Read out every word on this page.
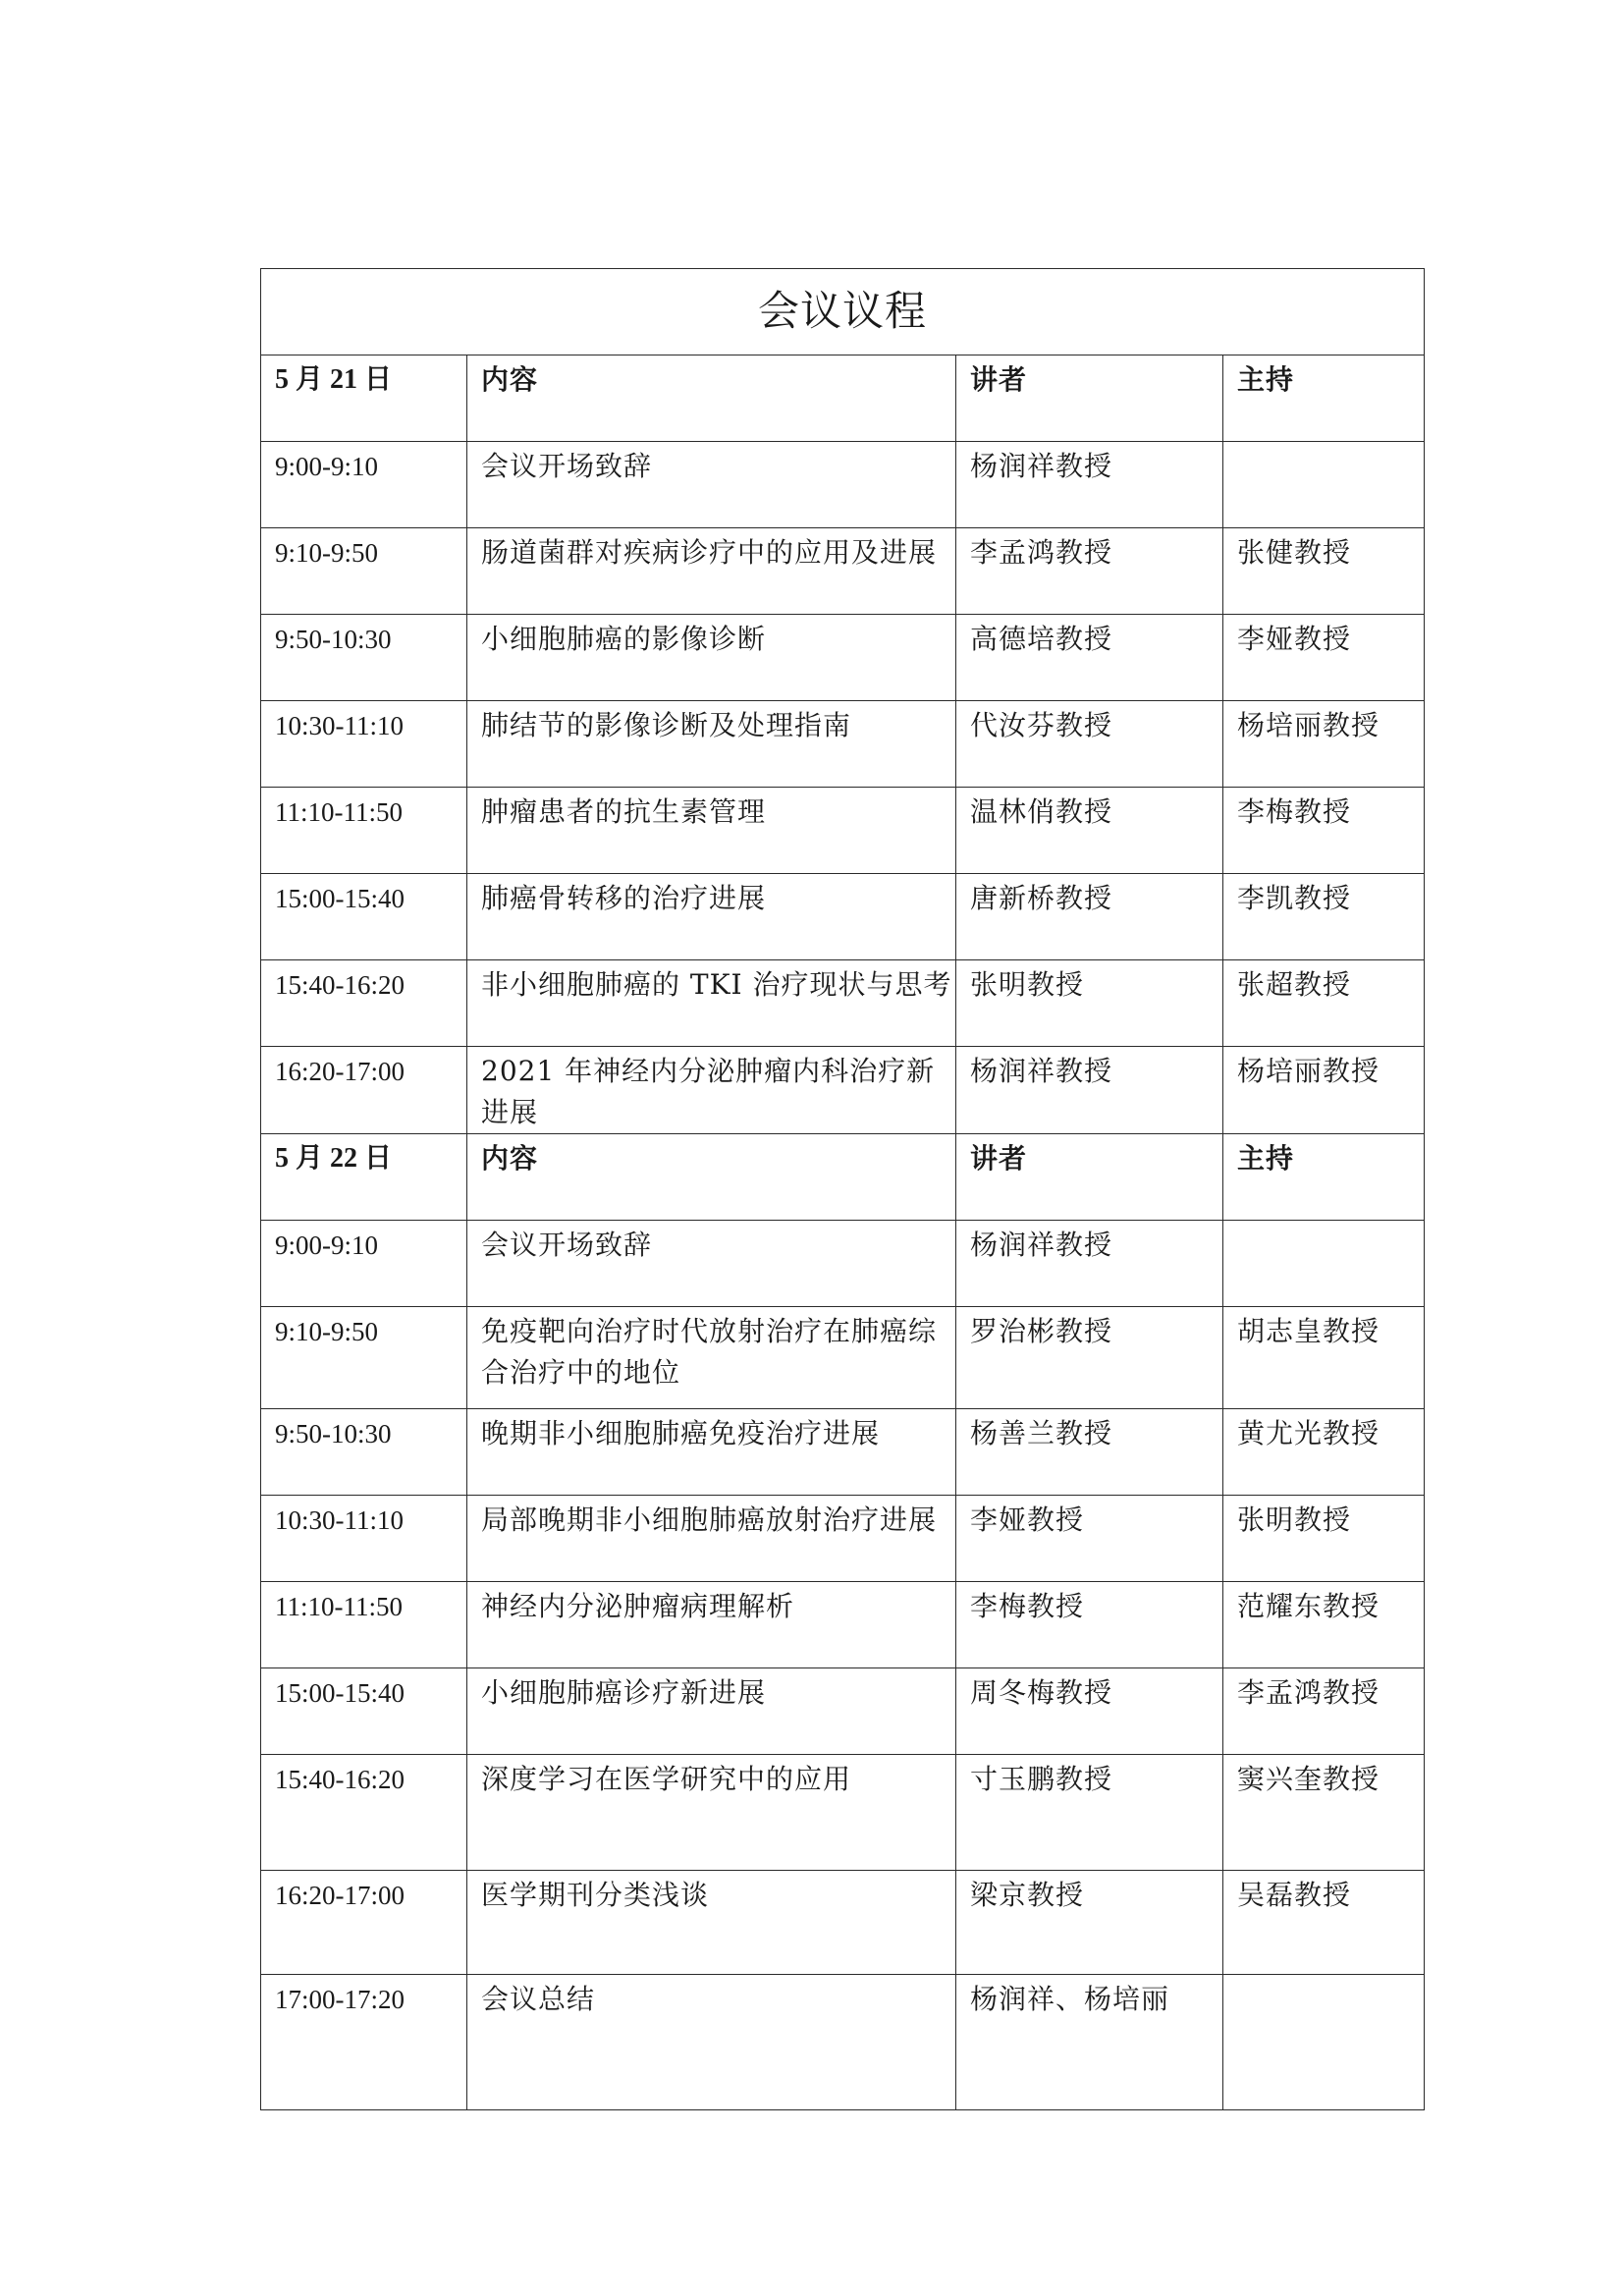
会议议程			
5 月 21 日	内容	讲者	主持
9:00-9:10	会议开场致辞	杨润祥教授	
9:10-9:50	肠道菌群对疾病诊疗中的应用及进展	李孟鸿教授	张健教授
9:50-10:30	小细胞肺癌的影像诊断	高德培教授	李娅教授
10:30-11:10	肺结节的影像诊断及处理指南	代汝芬教授	杨培丽教授
11:10-11:50	肿瘤患者的抗生素管理	温林俏教授	李梅教授
15:00-15:40	肺癌骨转移的治疗进展	唐新桥教授	李凯教授
15:40-16:20	非小细胞肺癌的 TKI 治疗现状与思考	张明教授	张超教授
16:20-17:00	2021 年神经内分泌肿瘤内科治疗新进展	杨润祥教授	杨培丽教授
5 月 22 日	内容	讲者	主持
9:00-9:10	会议开场致辞	杨润祥教授	
9:10-9:50	免疫靶向治疗时代放射治疗在肺癌综合治疗中的地位	罗治彬教授	胡志皇教授
9:50-10:30	晚期非小细胞肺癌免疫治疗进展	杨善兰教授	黄尤光教授
10:30-11:10	局部晚期非小细胞肺癌放射治疗进展	李娅教授	张明教授
11:10-11:50	神经内分泌肿瘤病理解析	李梅教授	范耀东教授
15:00-15:40	小细胞肺癌诊疗新进展	周冬梅教授	李孟鸿教授
15:40-16:20	深度学习在医学研究中的应用	寸玉鹏教授	窦兴奎教授
16:20-17:00	医学期刊分类浅谈	梁京教授	吴磊教授
17:00-17:20	会议总结	杨润祥、杨培丽	
